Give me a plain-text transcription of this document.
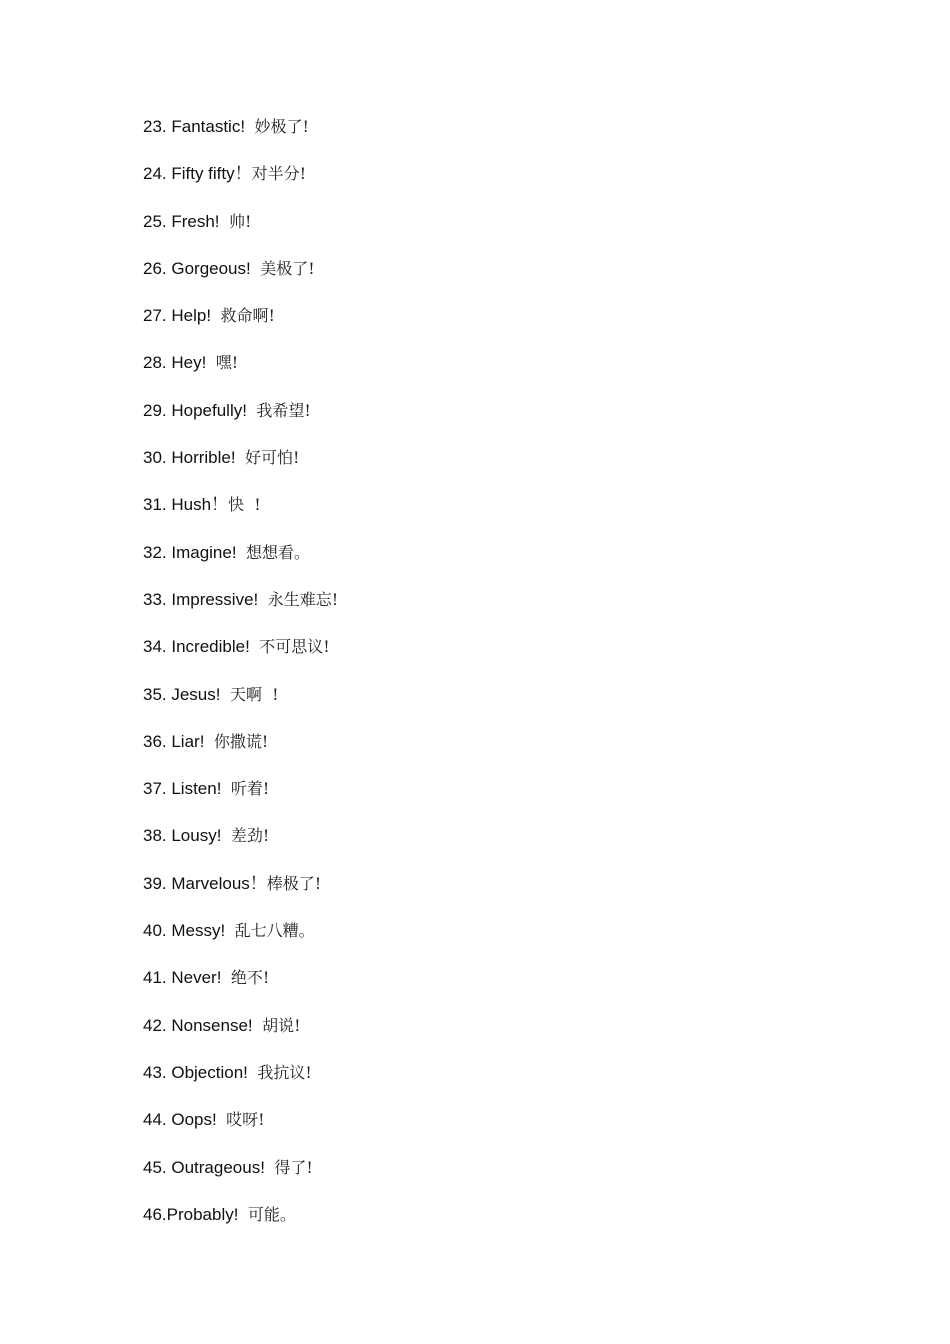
23. Fantastic!  妙极了!
24. Fifty fifty！对半分!
25. Fresh!  帅!
26. Gorgeous!  美极了!
27. Help!  救命啊!
28. Hey!  嘿!
29. Hopefully!  我希望!
30. Horrible!  好可怕!
31. Hush！快  !
32. Imagine!  想想看。
33. Impressive!  永生难忘!
34. Incredible!  不可思议!
35. Jesus!  天啊  !
36. Liar!  你撒谎!
37. Listen!  听着!
38. Lousy!  差劲!
39. Marvelous！棒极了!
40. Messy!  乱七八糟。
41. Never!  绝不!
42. Nonsense!  胡说!
43. Objection!  我抗议!
44. Oops!  哎呀!
45. Outrageous!  得了!
46.Probably!  可能。
